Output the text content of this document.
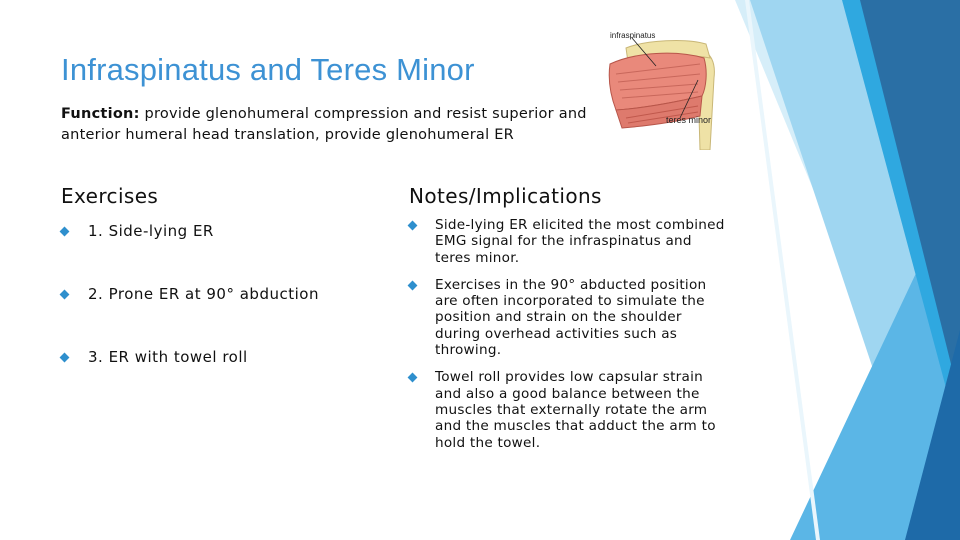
Infraspinatus and Teres Minor
Function: provide glenohumeral compression and resist superior and anterior humeral head translation, provide glenohumeral ER
infraspinatus
teres minor
Exercises	Notes/Implications
1. Side-lying ER
2. Prone ER at 90° abduction
3. ER with towel roll
Side-lying ER elicited the most combined EMG signal for the infraspinatus and teres minor.
Exercises in the 90° abducted position are often incorporated to simulate the position and strain on the shoulder during overhead activities such as throwing.
Towel roll provides low capsular strain and also a good balance between the muscles that externally rotate the arm and the muscles that adduct the arm to hold the towel.
